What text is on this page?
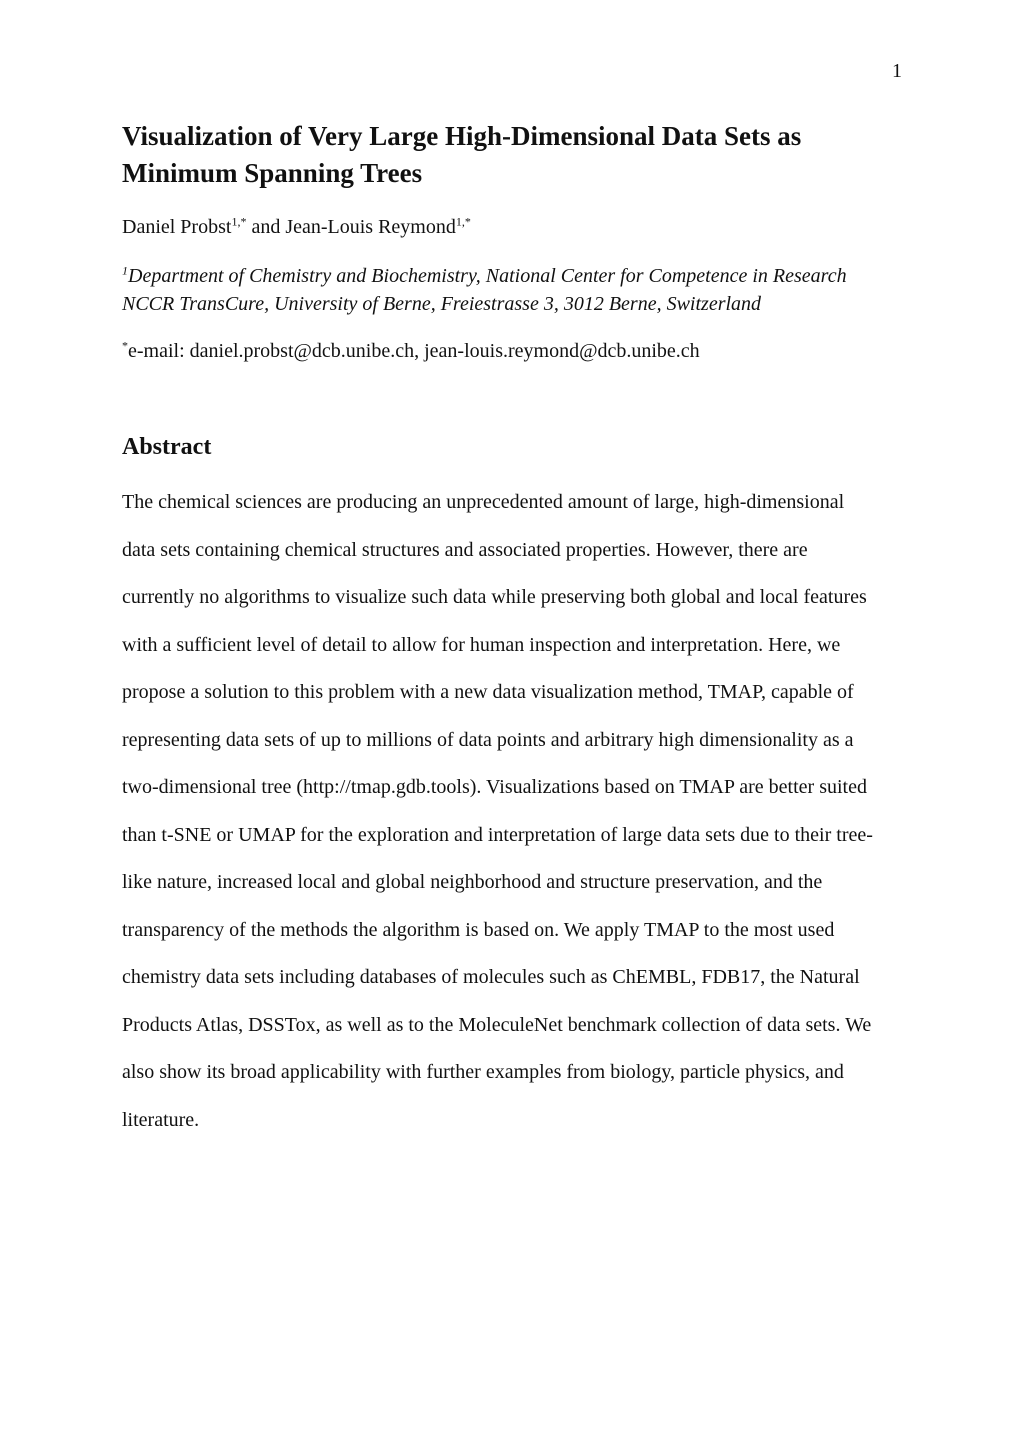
1
Visualization of Very Large High-Dimensional Data Sets as
Minimum Spanning Trees
Daniel Probst$^{1,*}$ and Jean-Louis Reymond$^{1,*}$
$^1$Department of Chemistry and Biochemistry, National Center for Competence in Research
NCCR TransCure, University of Berne, Freiestrasse 3, 3012 Berne, Switzerland
*e-mail: daniel.probst@dcb.unibe.ch, jean-louis.reymond@dcb.unibe.ch
Abstract
The chemical sciences are producing an unprecedented amount of large, high-dimensional
data sets containing chemical structures and associated properties. However, there are
currently no algorithms to visualize such data while preserving both global and local features
with a sufficient level of detail to allow for human inspection and interpretation. Here, we
propose a solution to this problem with a new data visualization method, TMAP, capable of
representing data sets of up to millions of data points and arbitrary high dimensionality as a
two-dimensional tree (http://tmap.gdb.tools). Visualizations based on TMAP are better suited
than t-SNE or UMAP for the exploration and interpretation of large data sets due to their tree-
like nature, increased local and global neighborhood and structure preservation, and the
transparency of the methods the algorithm is based on. We apply TMAP to the most used
chemistry data sets including databases of molecules such as ChEMBL, FDB17, the Natural
Products Atlas, DSSTox, as well as to the MoleculeNet benchmark collection of data sets. We
also show its broad applicability with further examples from biology, particle physics, and
literature.
